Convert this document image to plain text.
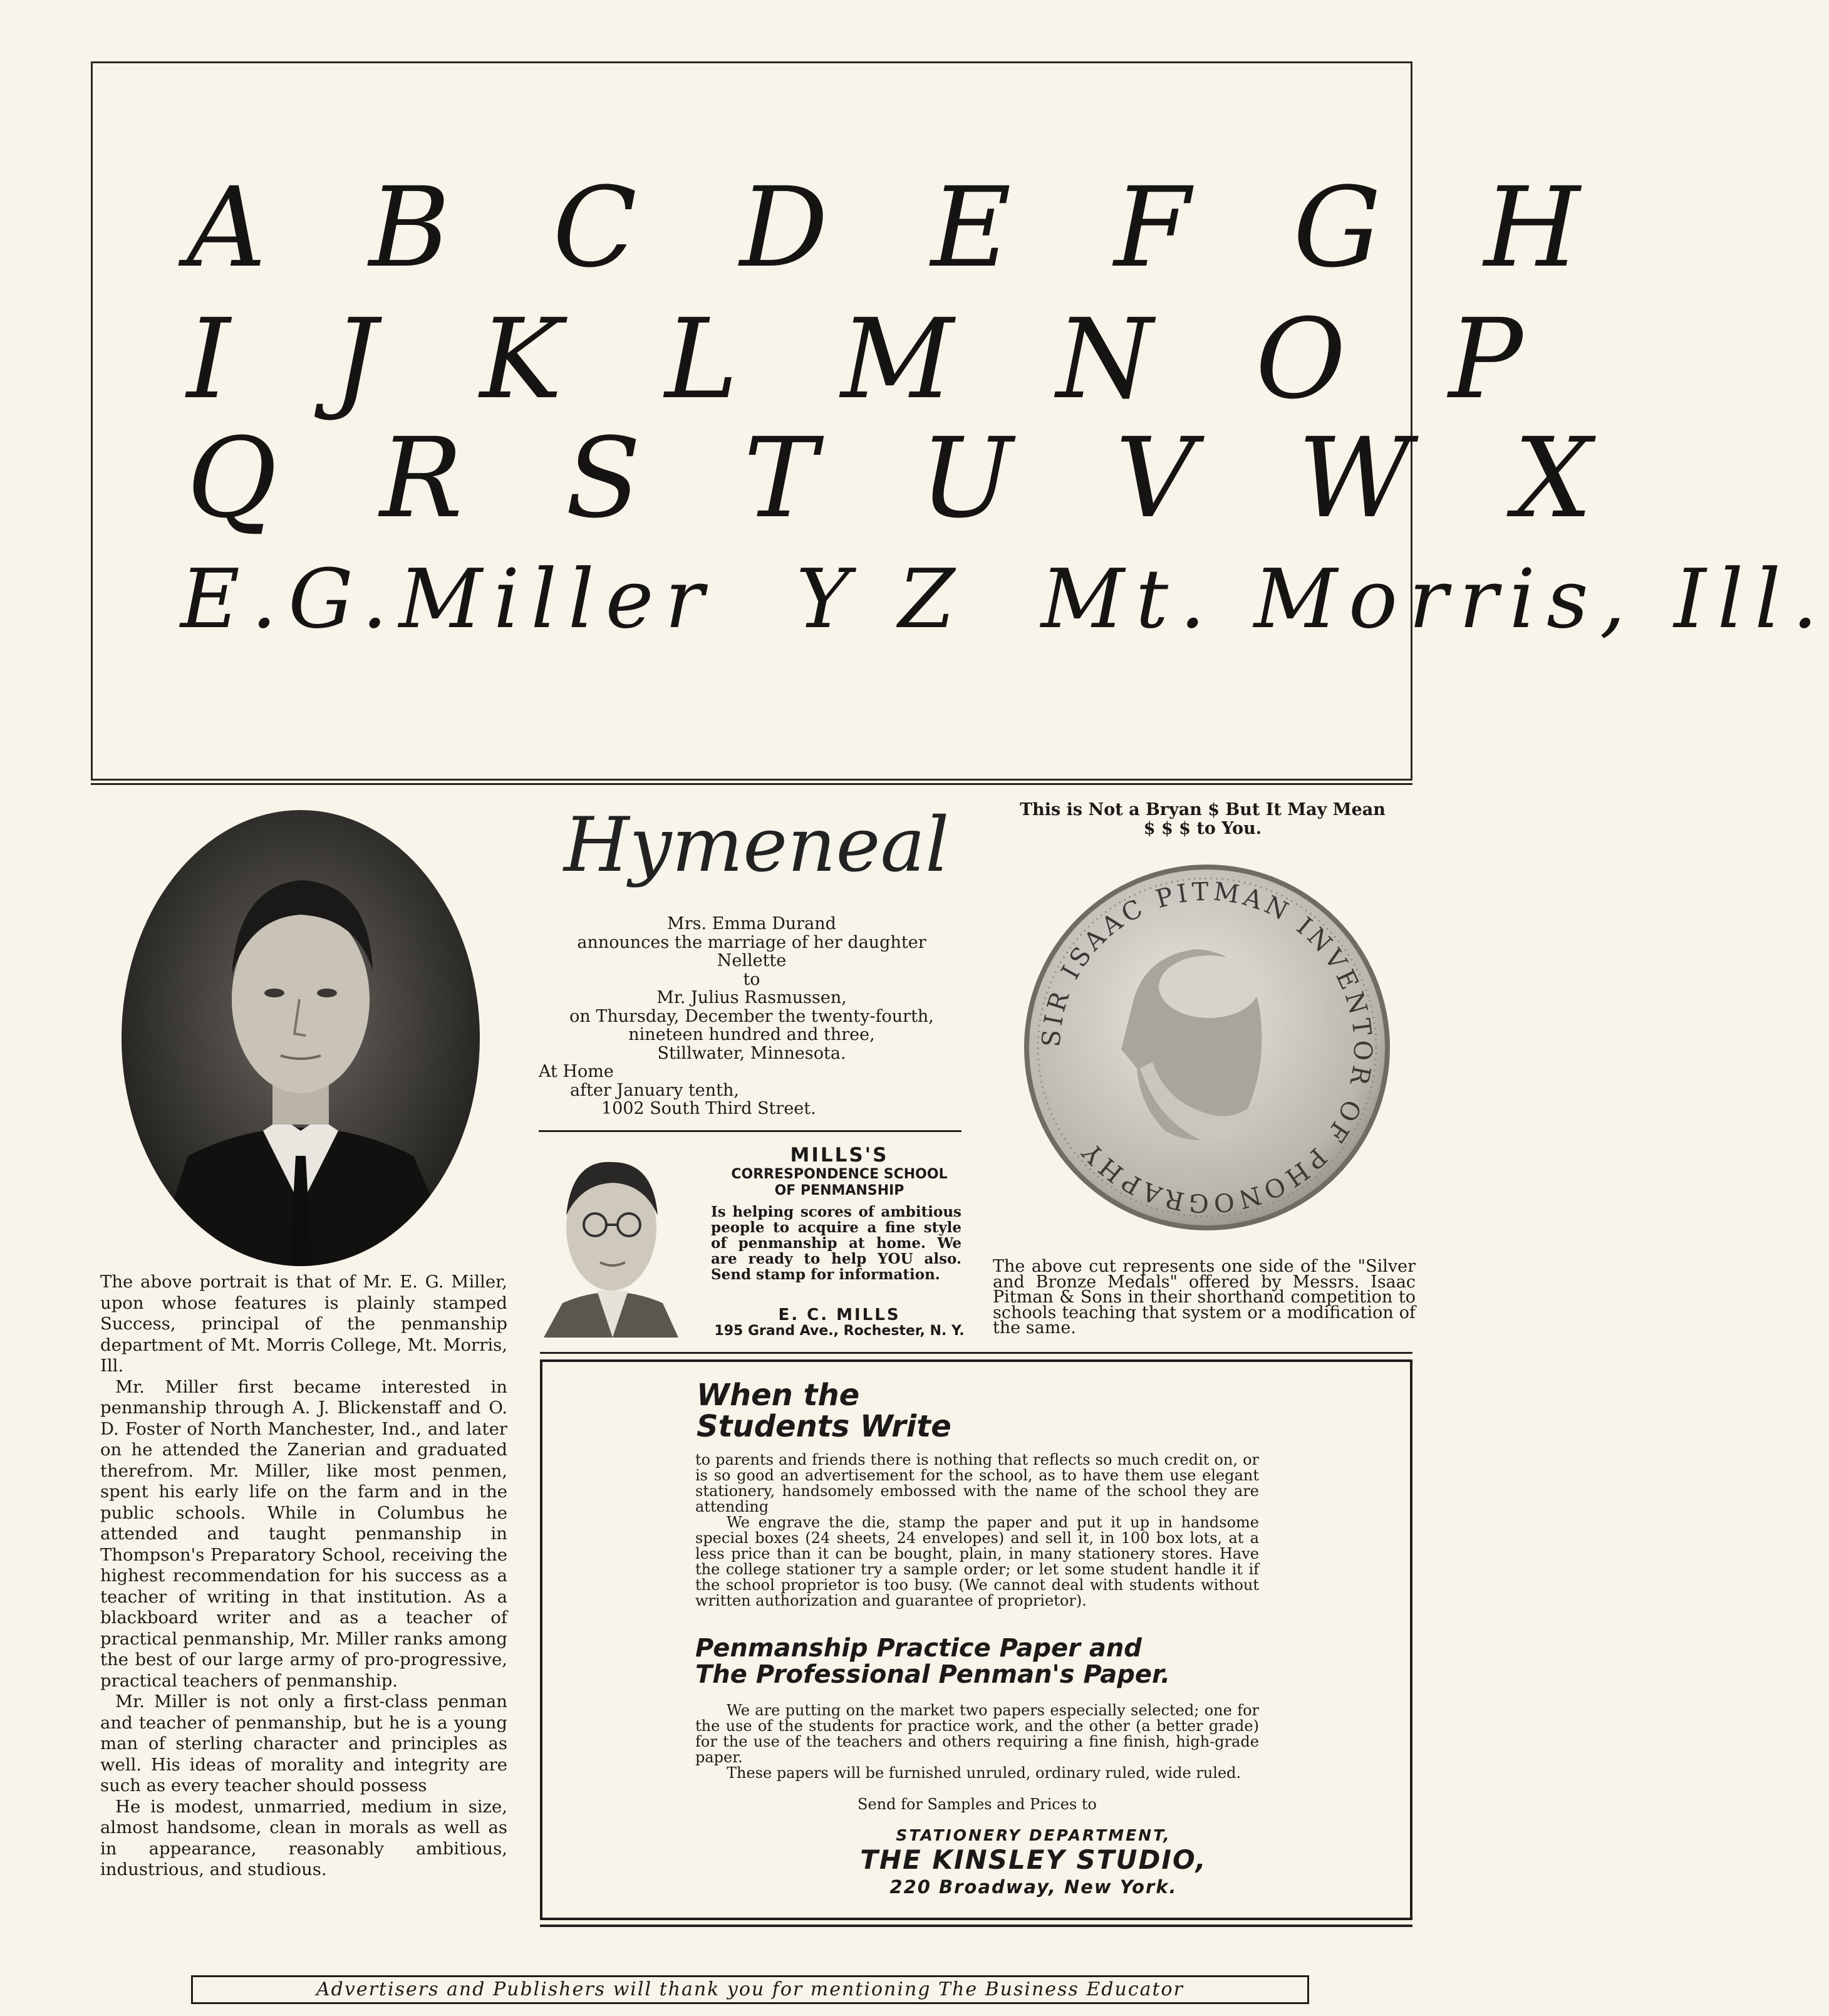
A B C D E F G H
I J K L M N O P
Q R S T U V W X
E.G.Miller Y Z Mt. Morris, Ill.

The above portrait is that of Mr. E. G. Miller, upon whose features is plainly stamped Success, principal of the penmanship department of Mt. Morris College, Mt. Morris, Ill.

Mr. Miller first became interested in penmanship through A. J. Blickenstaff and O. D. Foster of North Manchester, Ind., and later on he attended the Zanerian and graduated therefrom. Mr. Miller, like most penmen, spent his early life on the farm and in the public schools. While in Columbus he attended and taught penmanship in Thompson's Preparatory School, receiving the highest recommendation for his success as a teacher of writing in that institution. As a blackboard writer and as a teacher of practical penmanship, Mr. Miller ranks among the best of our large army of pro-progressive, practical teachers of penmanship.

Mr. Miller is not only a first-class penman and teacher of penmanship, but he is a young man of sterling character and principles as well. His ideas of morality and integrity are such as every teacher should possess

He is modest, unmarried, medium in size, almost handsome, clean in morals as well as in appearance, reasonably ambitious, industrious, and studious.

Hymeneal
Mrs. Emma Durand
announces the marriage of her daughter
Nellette
to
Mr. Julius Rasmussen,
on Thursday, December the twenty-fourth,
nineteen hundred and three,
Stillwater, Minnesota.
At Home
after January tenth,
1002 South Third Street.
MILLS'S
CORRESPONDENCE SCHOOL
OF PENMANSHIP
Is helping scores of ambitious people to acquire a fine style of penmanship at home. We are ready to help YOU also. Send stamp for information.
E. C. MILLS
195 Grand Ave., Rochester, N. Y.
This is Not a Bryan $ But It May Mean
$ $ $ to You.
SIR ISAAC PITMAN INVENTOR OF PHONOGRAPHY
The above cut represents one side of the "Silver and Bronze Medals" offered by Messrs. Isaac Pitman & Sons in their shorthand competition to schools teaching that system or a modification of the same.
When the
Students Write
to parents and friends there is nothing that reflects so much credit on, or is so good an advertisement for the school, as to have them use elegant stationery, handsomely embossed with the name of the school they are attending
We engrave the die, stamp the paper and put it up in handsome special boxes (24 sheets, 24 envelopes) and sell it, in 100 box lots, at a less price than it can be bought, plain, in many stationery stores. Have the college stationer try a sample order; or let some student handle it if the school proprietor is too busy. (We cannot deal with students without written authorization and guarantee of proprietor).
Penmanship Practice Paper and
The Professional Penman's Paper.
We are putting on the market two papers especially selected; one for the use of the students for practice work, and the other (a better grade) for the use of the teachers and others requiring a fine finish, high-grade paper.
These papers will be furnished unruled, ordinary ruled, wide ruled.
Send for Samples and Prices to
STATIONERY DEPARTMENT,
THE KINSLEY STUDIO,
220 Broadway, New York.
Advertisers and Publishers will thank you for mentioning The Business Educator
